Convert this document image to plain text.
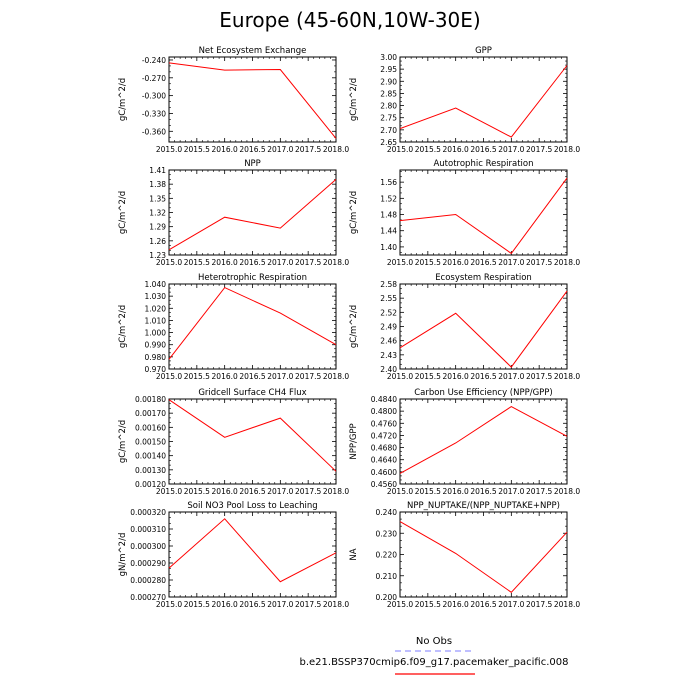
Europe (45-60N,10W-30E)
Net Ecosystem Exchange
gC/m^2/d
2015.0 2015.5 2016.0 2016.5 2017.0 2017.5 2018.0
-0.240
-0.270
-0.300
-0.330
-0.360
GPP
gC/m^2/d
2015.0 2015.5 2016.0 2016.5 2017.0 2017.5 2018.0
3.00
2.95
2.90
2.85
2.80
2.75
2.70
2.65
NPP
gC/m^2/d
2015.0 2015.5 2016.0 2016.5 2017.0 2017.5 2018.0
1.41
1.38
1.35
1.32
1.29
1.26
1.23
Autotrophic Respiration
gC/m^2/d
2015.0 2015.5 2016.0 2016.5 2017.0 2017.5 2018.0
1.56
1.52
1.48
1.44
1.40
Heterotrophic Respiration
gC/m^2/d
2015.0 2015.5 2016.0 2016.5 2017.0 2017.5 2018.0
1.040
1.030
1.020
1.010
1.000
0.990
0.980
0.970
Ecosystem Respiration
gC/m^2/d
2015.0 2015.5 2016.0 2016.5 2017.0 2017.5 2018.0
2.58
2.55
2.52
2.49
2.46
2.43
2.40
Gridcell Surface CH4 Flux
gC/m^2/d
2015.0 2015.5 2016.0 2016.5 2017.0 2017.5 2018.0
0.00180
0.00170
0.00160
0.00150
0.00140
0.00130
0.00120
Carbon Use Efficiency (NPP/GPP)
NPP/GPP
2015.0 2015.5 2016.0 2016.5 2017.0 2017.5 2018.0
0.4840
0.4800
0.4760
0.4720
0.4680
0.4640
0.4600
0.4560
Soil NO3 Pool Loss to Leaching
gN/m^2/d
2015.0 2015.5 2016.0 2016.5 2017.0 2017.5 2018.0
0.000320
0.000310
0.000300
0.000290
0.000280
0.000270
NPP_NUPTAKE/(NPP_NUPTAKE+NPP)
NA
2015.0 2015.5 2016.0 2016.5 2017.0 2017.5 2018.0
0.240
0.230
0.220
0.210
0.200
No Obs
b.e21.BSSP370cmip6.f09_g17.pacemaker_pacific.008
